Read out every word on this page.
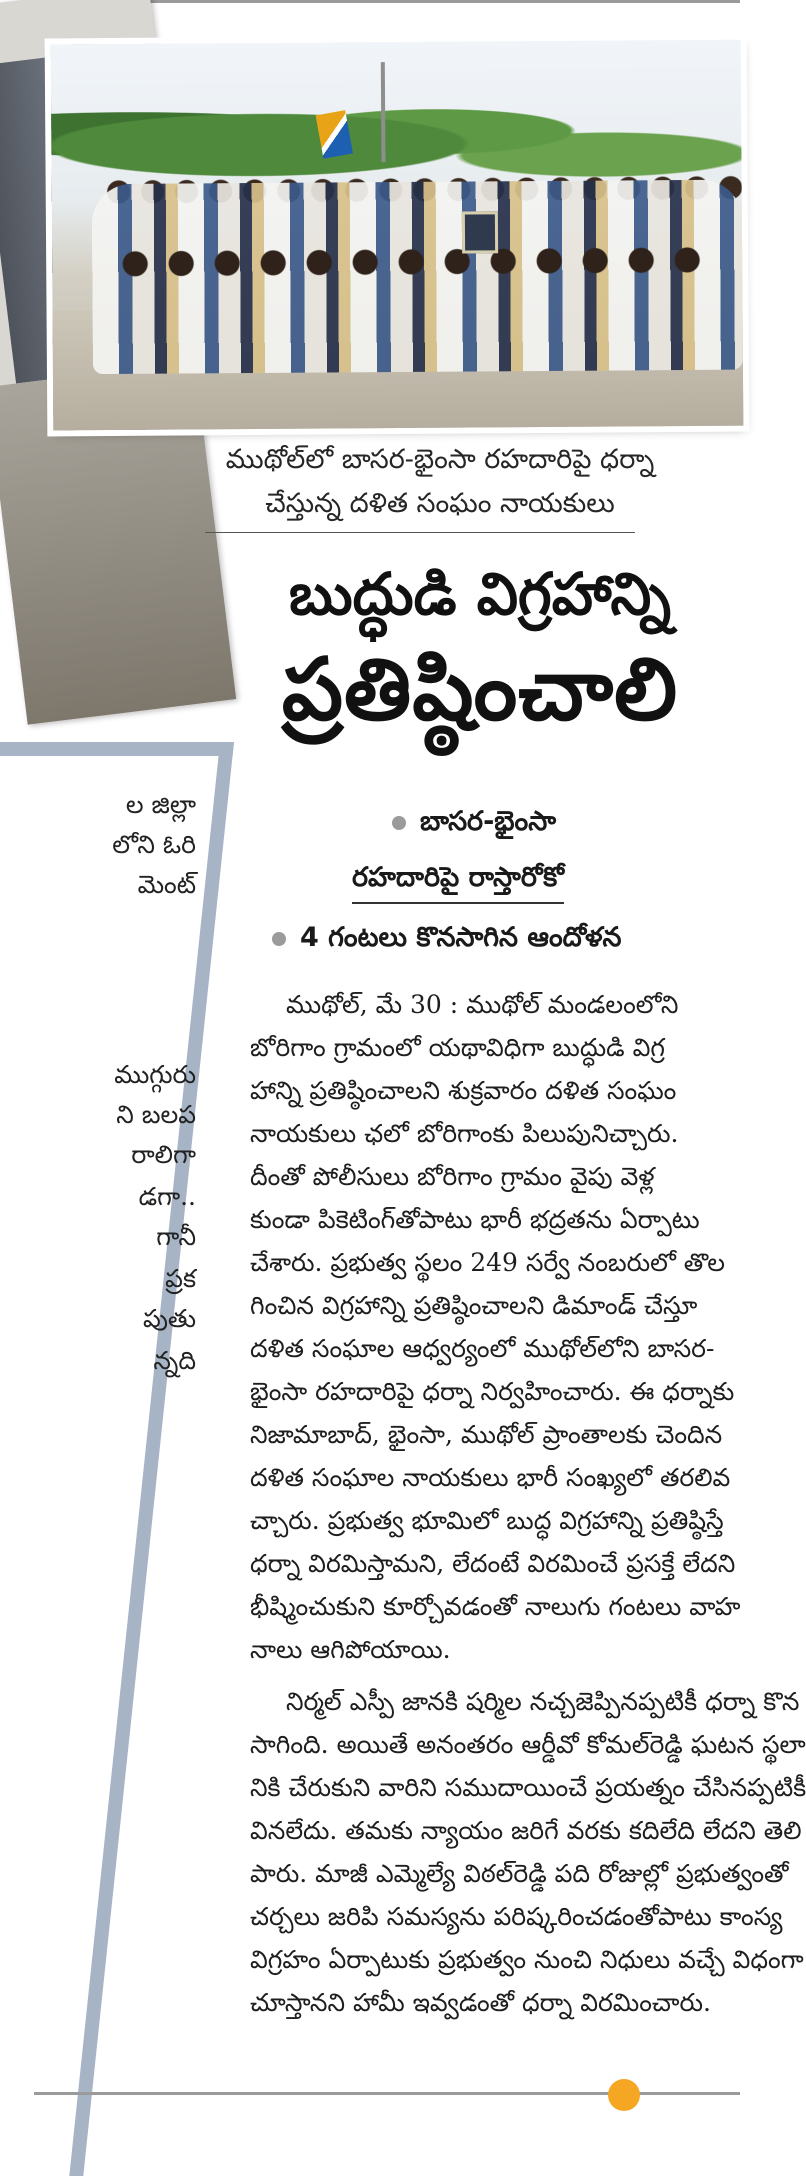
ల జిల్లా
లోని ఓరి
మెంట్
ముగ్గురు
ని బలప
రాలిగా
డగా..
గానీ
ప్రక
పుతు
న్నది
ముథోల్‌లో బాసర-భైంసా రహదారిపై ధర్నా
చేస్తున్న దళిత సంఘం నాయకులు
బుద్ధుడి విగ్రహాన్ని
ప్రతిష్ఠించాలి
బాసర-భైంసా
రహదారిపై రాస్తారోకో
4 గంటలు కొనసాగిన ఆందోళన
ముథోల్, మే 30 : ముథోల్ మండలంలోని
బోరిగాం గ్రామంలో యథావిధిగా బుద్ధుడి విగ్ర
హాన్ని ప్రతిష్ఠించాలని శుక్రవారం దళిత సంఘం
నాయకులు ఛలో బోరిగాంకు పిలుపునిచ్చారు.
దీంతో పోలీసులు బోరిగాం గ్రామం వైపు వెళ్ల
కుండా పికెటింగ్‌తోపాటు భారీ భద్రతను ఏర్పాటు
చేశారు. ప్రభుత్వ స్థలం 249 సర్వే నంబరులో తొల
గించిన విగ్రహాన్ని ప్రతిష్ఠించాలని డిమాండ్ చేస్తూ
దళిత సంఘాల ఆధ్వర్యంలో ముథోల్‌లోని బాసర-
భైంసా రహదారిపై ధర్నా నిర్వహించారు. ఈ ధర్నాకు
నిజామాబాద్, భైంసా, ముథోల్ ప్రాంతాలకు చెందిన
దళిత సంఘాల నాయకులు భారీ సంఖ్యలో తరలివ
చ్చారు. ప్రభుత్వ భూమిలో బుద్ధ విగ్రహాన్ని ప్రతిష్ఠిస్తే
ధర్నా విరమిస్తామని, లేదంటే విరమించే ప్రసక్తే లేదని
భీష్మించుకుని కూర్చోవడంతో నాలుగు గంటలు వాహ
నాలు ఆగిపోయాయి.
నిర్మల్ ఎస్పీ జానకి షర్మిల నచ్చజెప్పినప్పటికీ ధర్నా కొన
సాగింది. అయితే అనంతరం ఆర్డీవో కోమల్‌రెడ్డి ఘటన స్థలా
నికి చేరుకుని వారిని సముదాయించే ప్రయత్నం చేసినప్పటికీ
వినలేదు. తమకు న్యాయం జరిగే వరకు కదిలేది లేదని తెలి
పారు. మాజీ ఎమ్మెల్యే విఠల్‌రెడ్డి పది రోజుల్లో ప్రభుత్వంతో
చర్చలు జరిపి సమస్యను పరిష్కరించడంతోపాటు కాంస్య
విగ్రహం ఏర్పాటుకు ప్రభుత్వం నుంచి నిధులు వచ్చే విధంగా
చూస్తానని హామీ ఇవ్వడంతో ధర్నా విరమించారు.
